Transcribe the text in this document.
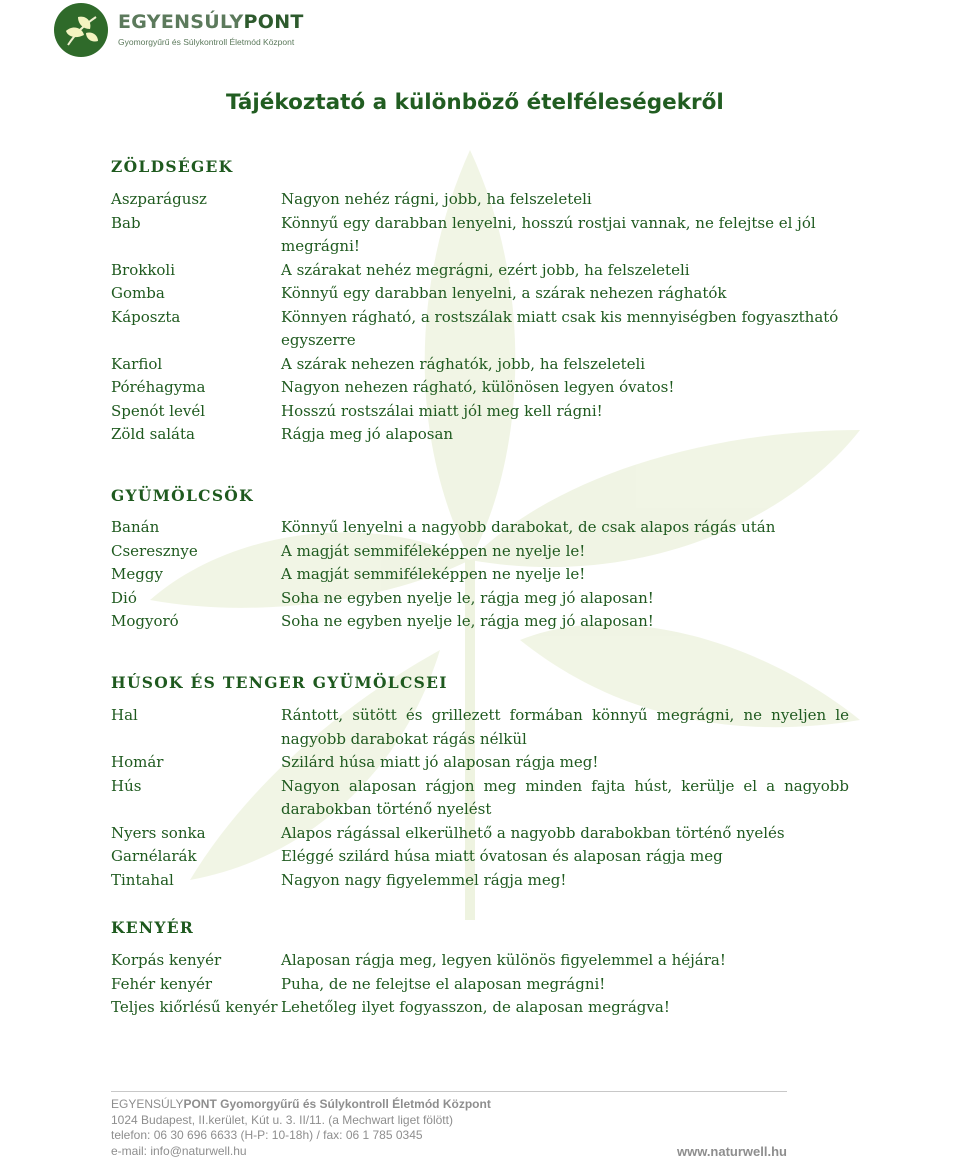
EGYENSÚLYPONT
Gyomorgyűrű és Súlykontroll Életmód Központ
Tájékoztató a különböző ételféleségekről
ZÖLDSÉGEK
Aszparágusz	Nagyon nehéz rágni, jobb, ha felszeleteli
Bab	Könnyű egy darabban lenyelni, hosszú rostjai vannak, ne felejtse el jól megrágni!
Brokkoli	A szárakat nehéz megrágni, ezért jobb, ha felszeleteli
Gomba	Könnyű egy darabban lenyelni, a szárak nehezen rághatók
Káposzta	Könnyen rágható, a rostszálak miatt csak kis mennyiségben fogyasztható egyszerre
Karfiol	A szárak nehezen rághatók, jobb, ha felszeleteli
Póréhagyma	Nagyon nehezen rágható, különösen legyen óvatos!
Spenót levél	Hosszú rostszálai miatt jól meg kell rágni!
Zöld saláta	Rágja meg jó alaposan
GYÜMÖLCSÖK
Banán	Könnyű lenyelni a nagyobb darabokat, de csak alapos rágás után
Cseresznye	A magját semmiféleképpen ne nyelje le!
Meggy	A magját semmiféleképpen ne nyelje le!
Dió	Soha ne egyben nyelje le, rágja meg jó alaposan!
Mogyoró	Soha ne egyben nyelje le, rágja meg jó alaposan!
HÚSOK ÉS TENGER GYÜMÖLCSEI
Hal	Rántott, sütött és grillezett formában könnyű megrágni, ne nyeljen le nagyobb darabokat rágás nélkül
Homár	Szilárd húsa miatt jó alaposan rágja meg!
Hús	Nagyon alaposan rágjon meg minden fajta húst, kerülje el a nagyobb darabokban történő nyelést
Nyers sonka	Alapos rágással elkerülhető a nagyobb darabokban történő nyelés
Garnélarák	Eléggé szilárd húsa miatt óvatosan és alaposan rágja meg
Tintahal	Nagyon nagy figyelemmel rágja meg!
KENYÉR
Korpás kenyér	Alaposan rágja meg, legyen különös figyelemmel a héjára!
Fehér kenyér	Puha, de ne felejtse el alaposan megrágni!
Teljes kiőrlésű kenyér Lehetőleg ilyet fogyasszon, de alaposan megrágva!
EGYENSÚLYPONT Gyomorgyűrű és Súlykontroll Életmód Központ
1024 Budapest, II.kerület, Kút u. 3. II/11. (a Mechwart liget fölött)
telefon: 06 30 696 6633 (H-P: 10-18h) / fax: 06 1 785 0345
e-mail: info@naturwell.hu	www.naturwell.hu
